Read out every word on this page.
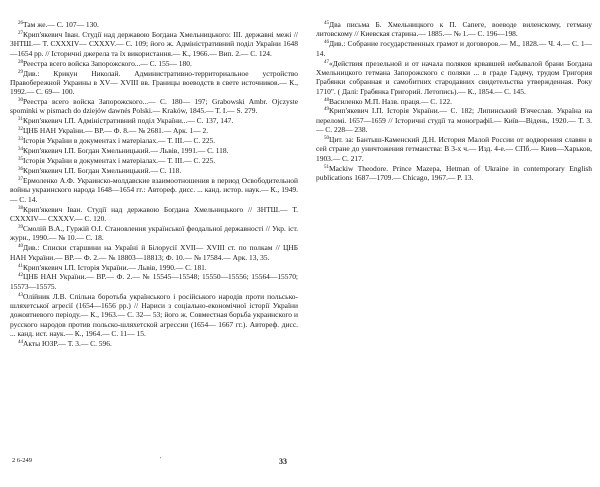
$^{26}$Там же.— С. 107— 130.
$^{27}$Крип'якевич Іван. Студії над державою Богдана Хмельницького: III. державні межі // ЗНТШ.— Т. СХХХIV— СХХХV.— С. 109; його ж. Адміністративний поділ України 1648—1654 рр. // Історичні джерела та їх використання.— К., 1966.— Вип. 2.— С. 124.
$^{28}$Реестра всего войска Запорожского...— С. 155— 180.
$^{29}$Див.: Крикун Николай. Административно-территориальное устройство Правобережной Украины в XV— XVIII вв. Границы воеводств в свете источников.— К., 1992.— С. 69— 100.
$^{30}$Реестра всего войска Запорожского...— С. 180— 197; Grabowski Ambr. Ojczyste spominki w pismach do dziejów dawnés Polski.— Kraków, 1845.— T. I.— S. 279.
$^{31}$Крип'якевич І.П. Адміністративний поділ України...— С. 137, 147.
$^{32}$ЦНБ НАН України.— ВР.— Ф. 8.— № 2681.— Арк. 1— 2.
$^{33}$Історія України в документах і матеріалах.— Т. III.— С. 225.
$^{34}$Крип'якевич І.П. Богдан Хмельницький.— Львів, 1991.— С. 118.
$^{35}$Історія України в документах і матеріалах.— Т. III.— С. 225.
$^{36}$Крип'якевич І.П. Богдан Хмельницький.— С. 118.
$^{37}$Ермоленко А.Ф. Украинско-молдавские взаимоотношения в период Освободительной войны украинского народа 1648—1654 гг.: Автореф. дисс. ... канд. истор. наук.— К., 1949.— С. 14.
$^{38}$Крип'якевич Іван. Студії над державою Богдана Хмельницького // ЗНТШ.— Т. СХХХIV— СХХХV.— С. 120.
$^{39}$Смолій В.А., Гуржій О.І. Становлення української феодальної державності // Укр. іст. журн., 1990.— № 10.— С. 18.
$^{40}$Див.: Списки старшини на Україні й Білорусії XVII— XVIII ст. по полкам // ЦНБ НАН України.— ВР.— Ф. 2.— № 18803—18813; Ф. 10.— № 17584.— Арк. 13, 35.
$^{41}$Крип'якевич І.П. Історія України.— Львів, 1990.— С. 181.
$^{42}$ЦНБ НАН України.— ВР.— Ф. 2.— № 15545—15548; 15550—15556; 15564—15570; 15573—15575.
$^{43}$Олійник Л.В. Спільна боротьба українського і російського народів проти польсько-шляхетської агресії (1654—1656 рр.) // Нариси з соціально-економічної історії України дожовтневого періоду.— К., 1963.— С. 32— 53; його ж. Совместная борьба украинского и русского народов против польско-шляхетской агрессии (1654— 1667 гг.). Автореф. дисс. ... канд. ист. наук.— К., 1964.— С. 11— 15.
$^{44}$Акты ЮЗР.— Т. 3.— С. 596.
$^{45}$Два письма Б. Хмельницкого к П. Сапеге, воеводе виленскому, гетману литовскому // Киевская старина.— 1885.— № 1.— С. 196—198.
$^{46}$Див.: Собрание государственных грамот и договоров.— М., 1828.— Ч. 4.— С. 1— 14.
$^{47}$«Действия презельной и от начала поляков крвавшей небывалой брани Богдана Хмельницкого гетмана Запорожского с поляки ... в граде Гадячу, трудом Григория Грабянки собранная и самобитних стародавних свидетельства утвержденная. Року 1710". ( Далі: Грабянка Григорий. Летопись).— К., 1854.— С. 145.
$^{48}$Василенко М.П. Назв. праця.— С. 122.
$^{49}$Крип'якевич І.П. Історія України.— С. 182; Липинський В'ячеслав. Україна на переломі. 1657—1659 // Історичні студії та монографії.— Київ—Відень, 1920.— Т. 3.— С. 228— 238.
$^{50}$Цит. за: Бантыш-Каменский Д.Н. История Малой России от водворения славян в сей стране до уничтожения гетманства: В 3-х ч.— Изд. 4-е.— СПб.— Киев—Харьков, 1903.— С. 217.
$^{51}$Mackiw Theodore. Prince Mazepa, Hetman of Ukraine in contemporary English publications 1687—1709.— Chicago, 1967.— P. 13.
2 6-249	'	33
